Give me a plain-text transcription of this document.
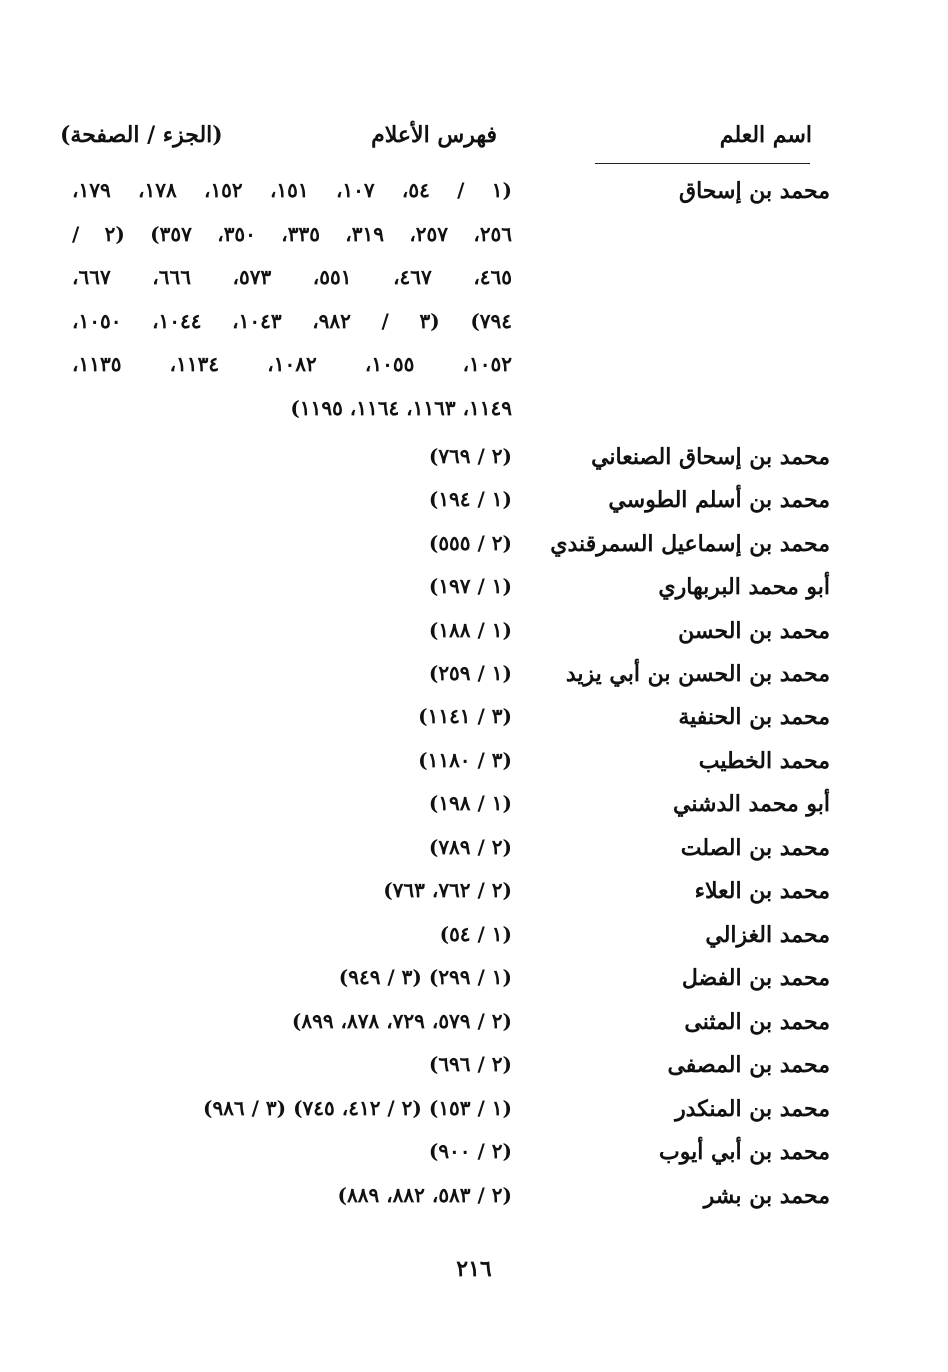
اسم العلم
فهرس الأعلام
(الجزء / الصفحة)
محمد بن إسحاق
(١ / ٥٤، ١٠٧، ١٥١، ١٥٢، ١٧٨، ١٧٩،
٢٥٦، ٢٥٧، ٣١٩، ٣٣٥، ٣٥٠، ٣٥٧) (٢ /
٤٦٥، ٤٦٧، ٥٥١، ٥٧٣، ٦٦٦، ٦٦٧،
٧٩٤) (٣ / ٩٨٢، ١٠٤٣، ١٠٤٤، ١٠٥٠،
١٠٥٢، ١٠٥٥، ١٠٨٢، ١١٣٤، ١١٣٥،
١١٤٩، ١١٦٣، ١١٦٤، ١١٩٥)
محمد بن إسحاق الصنعاني
(٢ / ٧٦٩)
محمد بن أسلم الطوسي
(١ / ١٩٤)
محمد بن إسماعيل السمرقندي
(٢ / ٥٥٥)
أبو محمد البربهاري
(١ / ١٩٧)
محمد بن الحسن
(١ / ١٨٨)
محمد بن الحسن بن أبي يزيد
(١ / ٢٥٩)
محمد بن الحنفية
(٣ / ١١٤١)
محمد الخطيب
(٣ / ١١٨٠)
أبو محمد الدشني
(١ / ١٩٨)
محمد بن الصلت
(٢ / ٧٨٩)
محمد بن العلاء
(٢ / ٧٦٢، ٧٦٣)
محمد الغزالي
(١ / ٥٤)
محمد بن الفضل
(١ / ٢٩٩) (٣ / ٩٤٩)
محمد بن المثنى
(٢ / ٥٧٩، ٧٢٩، ٨٧٨، ٨٩٩)
محمد بن المصفى
(٢ / ٦٩٦)
محمد بن المنكدر
(١ / ١٥٣) (٢ / ٤١٢، ٧٤٥) (٣ / ٩٨٦)
محمد بن أبي أيوب
(٢ / ٩٠٠)
محمد بن بشر
(٢ / ٥٨٣، ٨٨٢، ٨٨٩)
٢١٦
